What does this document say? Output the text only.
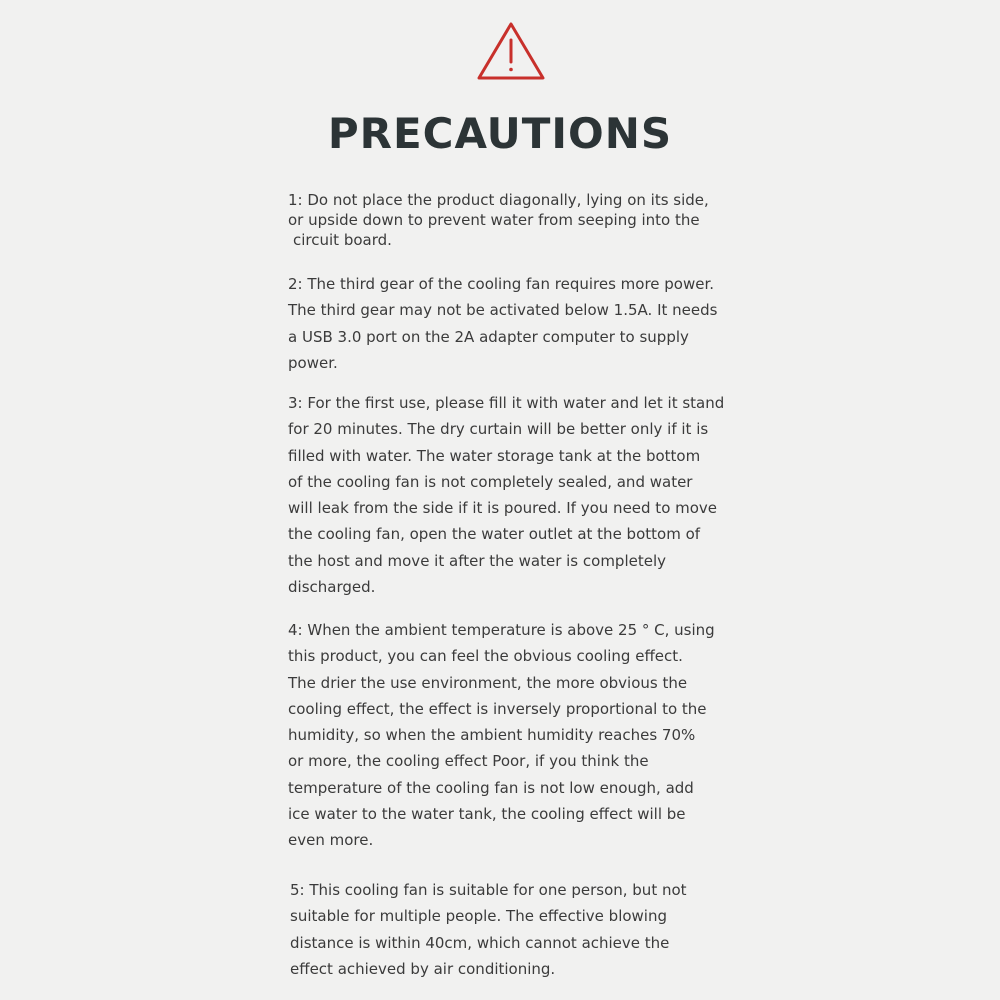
PRECAUTIONS
1: Do not place the product diagonally, lying on its side,
or upside down to prevent water from seeping into the
circuit board.
2: The third gear of the cooling fan requires more power.
The third gear may not be activated below 1.5A. It needs
a USB 3.0 port on the 2A adapter computer to supply
power.
3: For the first use, please fill it with water and let it stand
for 20 minutes. The dry curtain will be better only if it is
filled with water. The water storage tank at the bottom
of the cooling fan is not completely sealed, and water
will leak from the side if it is poured. If you need to move
the cooling fan, open the water outlet at the bottom of
the host and move it after the water is completely
discharged.
4: When the ambient temperature is above 25 ° C, using
this product, you can feel the obvious cooling effect.
The drier the use environment, the more obvious the
cooling effect, the effect is inversely proportional to the
humidity, so when the ambient humidity reaches 70%
or more, the cooling effect Poor, if you think the
temperature of the cooling fan is not low enough, add
ice water to the water tank, the cooling effect will be
even more.
5: This cooling fan is suitable for one person, but not
suitable for multiple people. The effective blowing
distance is within 40cm, which cannot achieve the
effect achieved by air conditioning.
